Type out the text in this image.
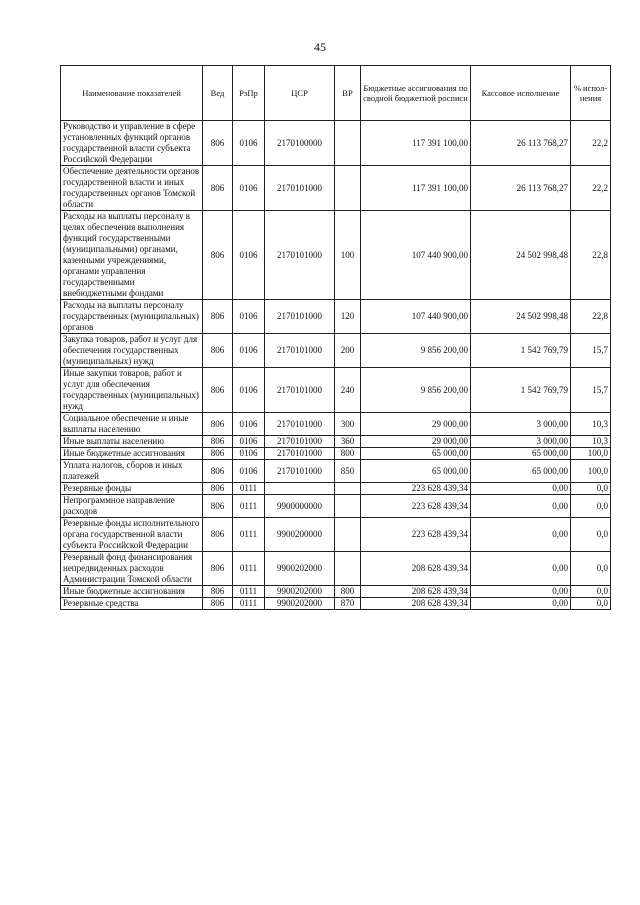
45
Наименование показателей	Вед	РзПр	ЦСР	ВР	Бюджетные ассигнования по сводной бюджетной росписи	Кассовое исполнение	% испол-нения
Руководство и управление в сфере установленных функций органов государственной власти субъекта Российской Федерации	806	0106	2170100000		117 391 100,00	26 113 768,27	22,2
Обеспечение деятельности органов государственной власти и иных государственных органов Томской области	806	0106	2170101000		117 391 100,00	26 113 768,27	22,2
Расходы на выплаты персоналу в целях обеспечения выполнения функций государственными (муниципальными) органами, казенными учреждениями, органами управления государственными внебюджетными фондами	806	0106	2170101000	100	107 440 900,00	24 502 998,48	22,8
Расходы на выплаты персоналу государственных (муниципальных) органов	806	0106	2170101000	120	107 440 900,00	24 502 998,48	22,8
Закупка товаров, работ и услуг для обеспечения государственных (муниципальных) нужд	806	0106	2170101000	200	9 856 200,00	1 542 769,79	15,7
Иные закупки товаров, работ и услуг для обеспечения государственных (муниципальных) нужд	806	0106	2170101000	240	9 856 200,00	1 542 769,79	15,7
Социальное обеспечение и иные выплаты населению	806	0106	2170101000	300	29 000,00	3 000,00	10,3
Иные выплаты населению	806	0106	2170101000	360	29 000,00	3 000,00	10,3
Иные бюджетные ассигнования	806	0106	2170101000	800	65 000,00	65 000,00	100,0
Уплата налогов, сборов и иных платежей	806	0106	2170101000	850	65 000,00	65 000,00	100,0
Резервные фонды	806	0111			223 628 439,34	0,00	0,0
Непрограммное направление расходов	806	0111	9900000000		223 628 439,34	0,00	0,0
Резервные фонды исполнительного органа государственной власти субъекта Российской Федерации	806	0111	9900200000		223 628 439,34	0,00	0,0
Резервный фонд финансирования непредвиденных расходов Администрации Томской области	806	0111	9900202000		208 628 439,34	0,00	0,0
Иные бюджетные ассигнования	806	0111	9900202000	800	208 628 439,34	0,00	0,0
Резервные средства	806	0111	9900202000	870	208 628 439,34	0,00	0,0
